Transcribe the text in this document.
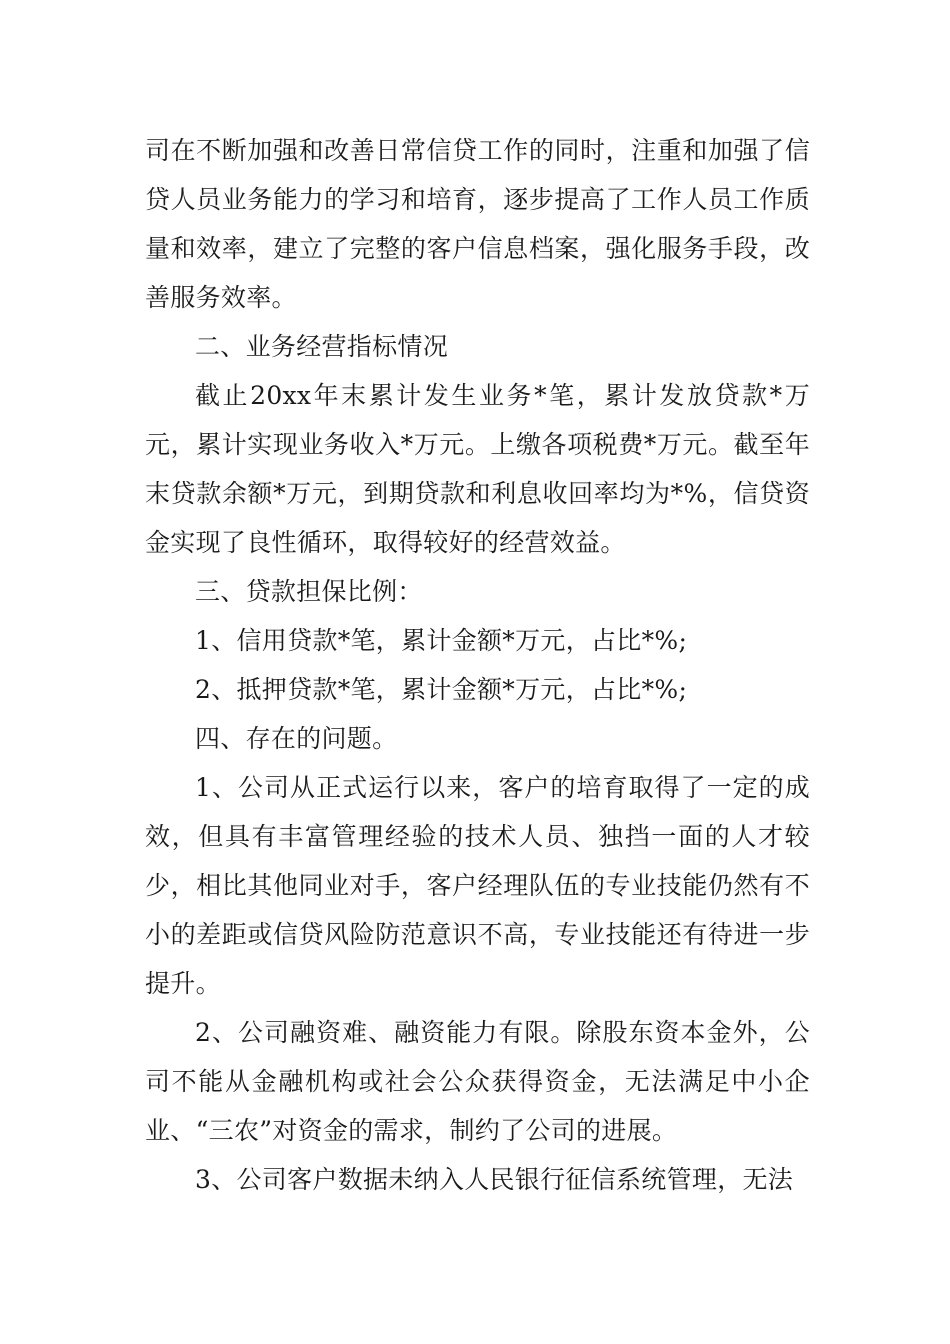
司在不断加强和改善日常信贷工作的同时，注重和加强了信贷人员业务能力的学习和培育，逐步提高了工作人员工作质量和效率，建立了完整的客户信息档案，强化服务手段，改善服务效率。

二、业务经营指标情况

截止20xx年末累计发生业务*笔，累计发放贷款*万元，累计实现业务收入*万元。上缴各项税费*万元。截至年末贷款余额*万元，到期贷款和利息收回率均为*%，信贷资金实现了良性循环，取得较好的经营效益。

三、贷款担保比例：

1、信用贷款*笔，累计金额*万元，占比*%;

2、抵押贷款*笔，累计金额*万元，占比*%;

四、存在的问题。

1、公司从正式运行以来，客户的培育取得了一定的成效，但具有丰富管理经验的技术人员、独挡一面的人才较少，相比其他同业对手，客户经理队伍的专业技能仍然有不小的差距或信贷风险防范意识不高，专业技能还有待进一步提升。

2、公司融资难、融资能力有限。除股东资本金外，公司不能从金融机构或社会公众获得资金，无法满足中小企业、“三农”对资金的需求，制约了公司的进展。

3、公司客户数据未纳入人民银行征信系统管理，无法
